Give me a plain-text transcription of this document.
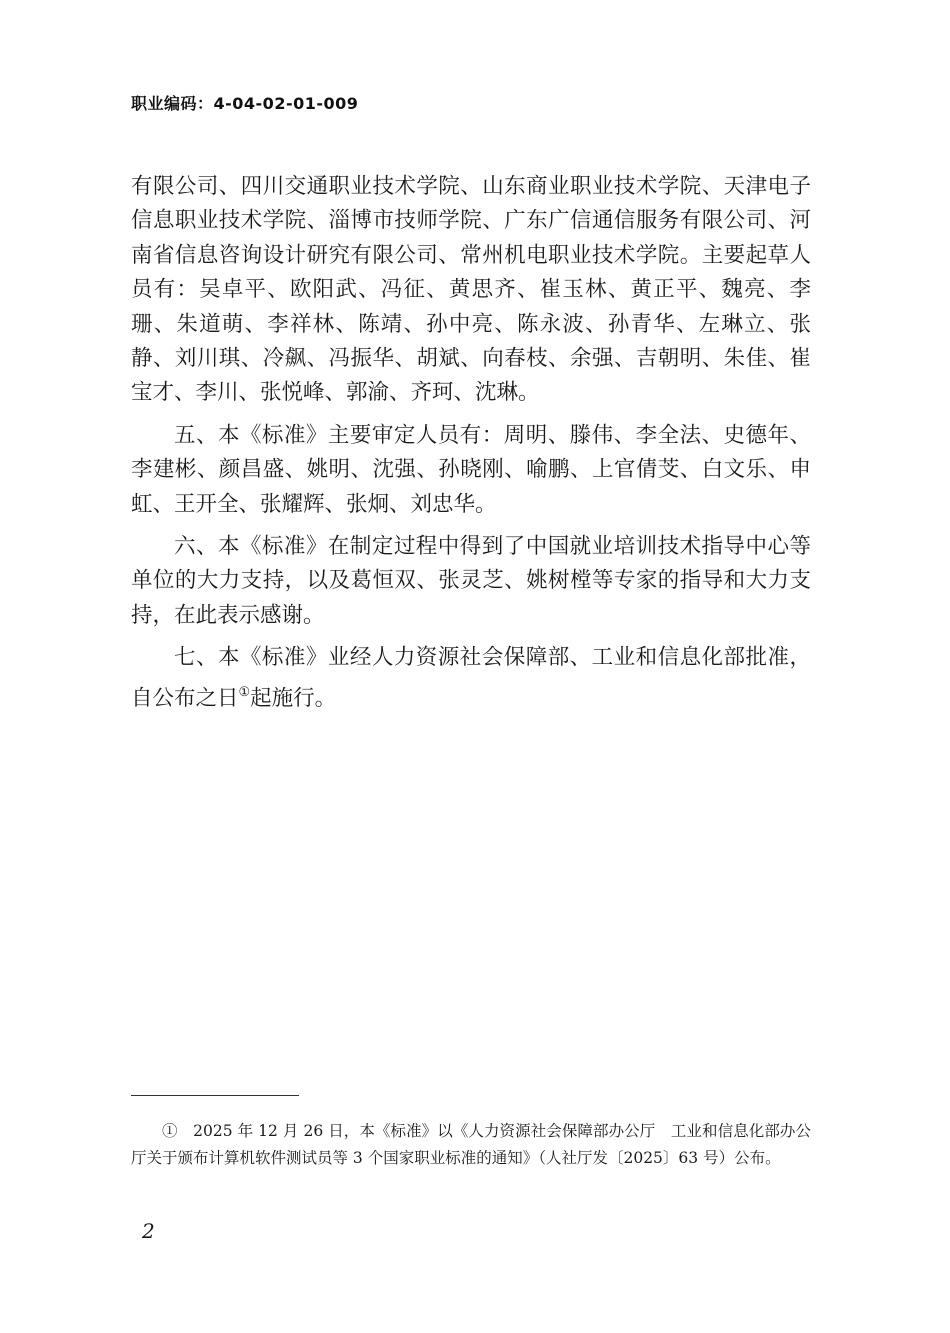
职业编码：4-04-02-01-009

有限公司、四川交通职业技术学院、山东商业职业技术学院、天津电子信息职业技术学院、淄博市技师学院、广东广信通信服务有限公司、河南省信息咨询设计研究有限公司、常州机电职业技术学院。主要起草人员有：吴卓平、欧阳武、冯征、黄思齐、崔玉林、黄正平、魏亮、李珊、朱道萌、李祥林、陈靖、孙中亮、陈永波、孙青华、左琳立、张静、刘川琪、冷飙、冯振华、胡斌、向春枝、余强、吉朝明、朱佳、崔宝才、李川、张悦峰、郭渝、齐珂、沈琳。

五、本《标准》主要审定人员有：周明、滕伟、李全法、史德年、李建彬、颜昌盛、姚明、沈强、孙晓刚、喻鹏、上官倩芠、白文乐、申虹、王开全、张耀辉、张炯、刘忠华。

六、本《标准》在制定过程中得到了中国就业培训技术指导中心等单位的大力支持，以及葛恒双、张灵芝、姚树樘等专家的指导和大力支持，在此表示感谢。

七、本《标准》业经人力资源社会保障部、工业和信息化部批准，自公布之日①起施行。

①　2025 年 12 月 26 日，本《标准》以《人力资源社会保障部办公厅　工业和信息化部办公厅关于颁布计算机软件测试员等 3 个国家职业标准的通知》（人社厅发〔2025〕63 号）公布。
2
